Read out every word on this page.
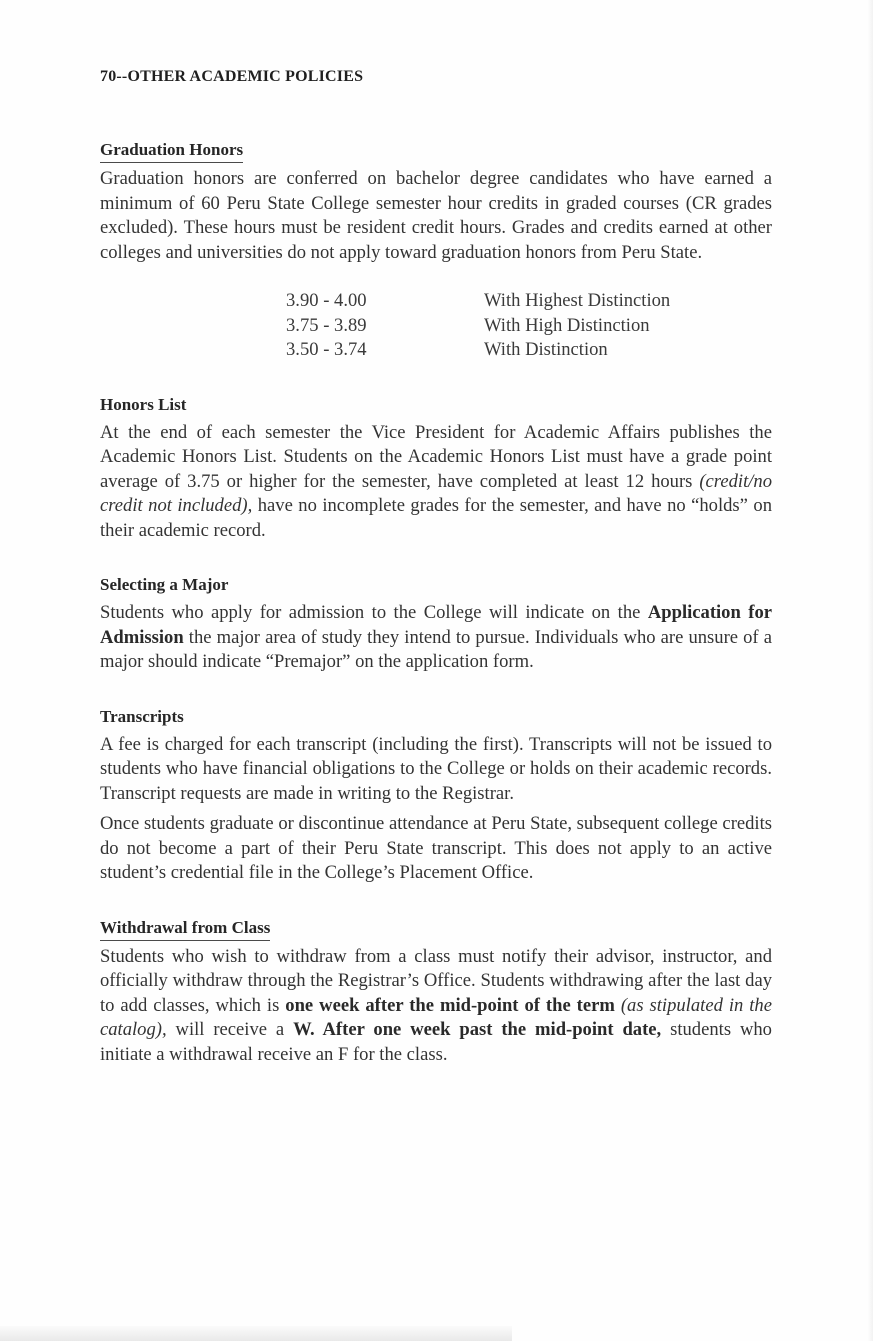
70--OTHER ACADEMIC POLICIES
Graduation Honors

Graduation honors are conferred on bachelor degree candidates who have earned a minimum of 60 Peru State College semester hour credits in graded courses (CR grades excluded). These hours must be resident credit hours. Grades and credits earned at other colleges and universities do not apply toward graduation honors from Peru State.

3.90 - 4.00	With Highest Distinction
3.75 - 3.89	With High Distinction
3.50 - 3.74	With Distinction
Honors List

At the end of each semester the Vice President for Academic Affairs publishes the Academic Honors List. Students on the Academic Honors List must have a grade point average of 3.75 or higher for the semester, have completed at least 12 hours (credit/no credit not included), have no incomplete grades for the semester, and have no “holds” on their academic record.

Selecting a Major

Students who apply for admission to the College will indicate on the Application for Admission the major area of study they intend to pursue. Individuals who are unsure of a major should indicate “Premajor” on the application form.

Transcripts

A fee is charged for each transcript (including the first). Transcripts will not be issued to students who have financial obligations to the College or holds on their academic records. Transcript requests are made in writing to the Registrar.

Once students graduate or discontinue attendance at Peru State, subsequent college credits do not become a part of their Peru State transcript. This does not apply to an active student’s credential file in the College’s Placement Office.

Withdrawal from Class

Students who wish to withdraw from a class must notify their advisor, instructor, and officially withdraw through the Registrar’s Office. Students withdrawing after the last day to add classes, which is one week after the mid-point of the term (as stipulated in the catalog), will receive a W. After one week past the mid-point date, students who initiate a withdrawal receive an F for the class.
